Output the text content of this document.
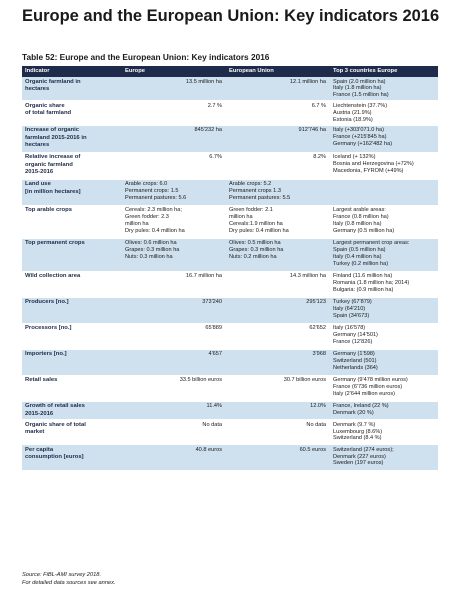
Europe and the European Union: Key indicators 2016
Table 52: Europe and the European Union: Key indicators 2016
Indicator	Europe	European Union	Top 3 countries Europe

Organic farmland in
hectares	13.5 million ha	12.1 million ha	Spain (2.0 million ha)
Italy (1.8 million ha)
France (1.5 million ha)

Organic share
of total farmland	2.7 %	6.7 %	Liechtenstein (37.7%)
Austria (21.9%)
Estonia (18.9%)

Increase of organic
farmland 2015-2016 in
hectares	845'232 ha	912'746 ha	Italy (+303'071.0 ha)
France (+215'845 ha)
Germany (+162'482 ha)

Relative increase of
organic farmland
2015-2016	6.7%	8.2%	Iceland (+ 132%)
Bosnia and Herzegovina (+72%)
Macedonia, FYROM (+49%)

Land use
[in million hectares]	Arable crops: 6.0
Permanent crops: 1.5
Permanent pastures: 5.6	Arable crops: 5.2
Permanent crops 1.3
Permanent pastures: 5.5	

Top arable crops	Cereals: 2.3 million ha;
Green fodder: 2.3
million ha
Dry pules: 0.4 million ha	Green fodder: 2.1
million ha
Cereals:1.9 million ha
Dry pules: 0.4 million ha	Largest arable areas:
France (0.8 million ha)
Italy (0.8 million ha)
Germany (0.5 million ha)

Top permanent crops	Olives: 0.6 million ha
Grapes: 0.3 million ha
Nuts: 0.3 million ha	Olives: 0.5 million ha
Grapes: 0.3 million ha
Nuts: 0.2 million ha	Largest permanent crop areas:
Spain (0.5 million ha)
Italy (0.4 million ha)
Turkey (0.2 million ha)

Wild collection area	16.7 million ha	14.3 million ha	Finland (11.6 million ha)
Romania (1.8 million ha; 2014)
Bulgaria: (0.9 million ha)

Producers [no.]	373'240	295'123	Turkey (67'879)
Italy (64'210)
Spain (34'673)

Processors [no.]	65'889	62'652	Italy (16'578)
Germany (14'501)
France (12'826)

Importers [no.]	4'657	3'968	Germany (1'598)
Switzerland (501)
Netherlands (364)

Retail sales	33.5 billion euros	30.7 billion euros	Germany (9'478 million euros)
France (6'736 million euros)
Italy (2'644 million euros)

Growth of retail sales
2015-2016	11.4%	12.0%	France, Ireland (22 %)
Denmark (20 %)

Organic share of total
market	No data	No data	Denmark (9.7 %)
Luxembourg (8.6%)
Switzerland (8.4 %)

Per capita
consumption [euros]	40.8 euros	60.5 euros	Switzerland (274 euros);
Denmark (227 euros)
Sweden (197 euros)
Source: FiBL-AMI survey 2018.
For detailed data sources see annex.
